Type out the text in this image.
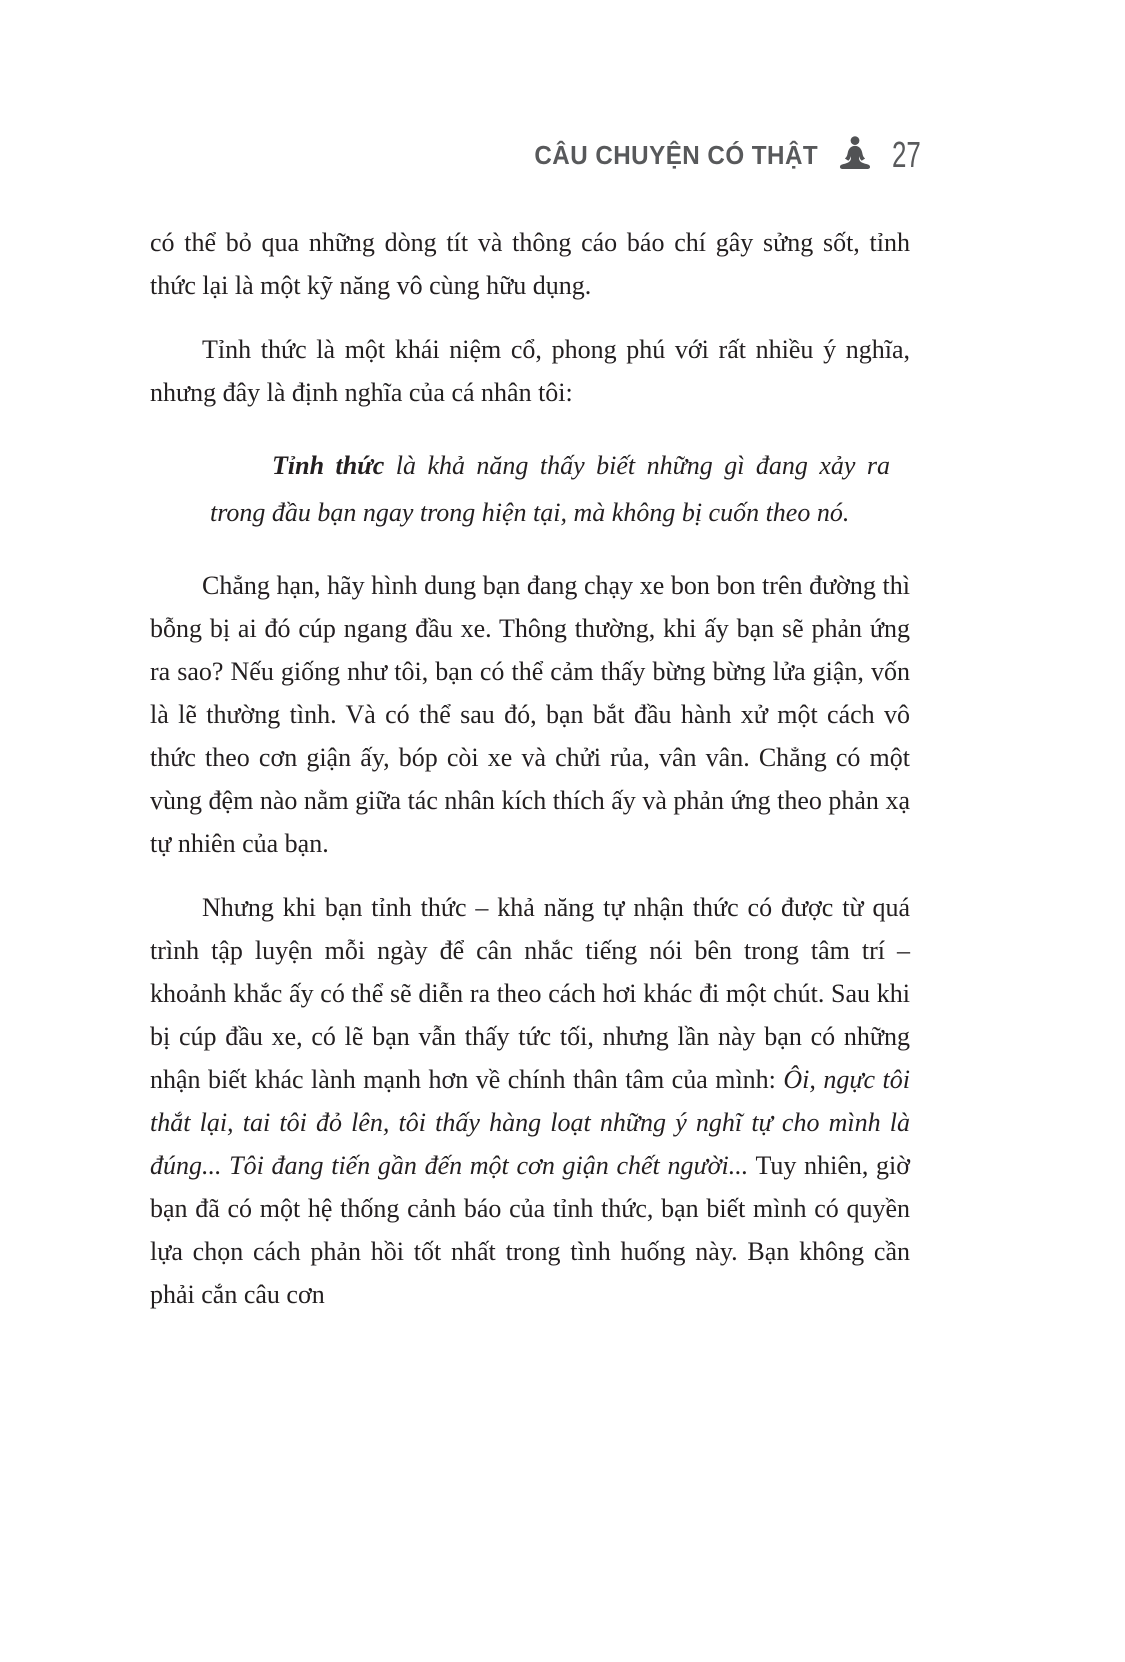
CÂU CHUYỆN CÓ THẬT 27

có thể bỏ qua những dòng tít và thông cáo báo chí gây sửng sốt, tỉnh thức lại là một kỹ năng vô cùng hữu dụng.

Tỉnh thức là một khái niệm cổ, phong phú với rất nhiều ý nghĩa, nhưng đây là định nghĩa của cá nhân tôi:

Tỉnh thức là khả năng thấy biết những gì đang xảy ra trong đầu bạn ngay trong hiện tại, mà không bị cuốn theo nó.

Chẳng hạn, hãy hình dung bạn đang chạy xe bon bon trên đường thì bỗng bị ai đó cúp ngang đầu xe. Thông thường, khi ấy bạn sẽ phản ứng ra sao? Nếu giống như tôi, bạn có thể cảm thấy bừng bừng lửa giận, vốn là lẽ thường tình. Và có thể sau đó, bạn bắt đầu hành xử một cách vô thức theo cơn giận ấy, bóp còi xe và chửi rủa, vân vân. Chẳng có một vùng đệm nào nằm giữa tác nhân kích thích ấy và phản ứng theo phản xạ tự nhiên của bạn.

Nhưng khi bạn tỉnh thức – khả năng tự nhận thức có được từ quá trình tập luyện mỗi ngày để cân nhắc tiếng nói bên trong tâm trí – khoảnh khắc ấy có thể sẽ diễn ra theo cách hơi khác đi một chút. Sau khi bị cúp đầu xe, có lẽ bạn vẫn thấy tức tối, nhưng lần này bạn có những nhận biết khác lành mạnh hơn về chính thân tâm của mình: Ôi, ngực tôi thắt lại, tai tôi đỏ lên, tôi thấy hàng loạt những ý nghĩ tự cho mình là đúng... Tôi đang tiến gần đến một cơn giận chết người... Tuy nhiên, giờ bạn đã có một hệ thống cảnh báo của tỉnh thức, bạn biết mình có quyền lựa chọn cách phản hồi tốt nhất trong tình huống này. Bạn không cần phải cắn câu cơn
